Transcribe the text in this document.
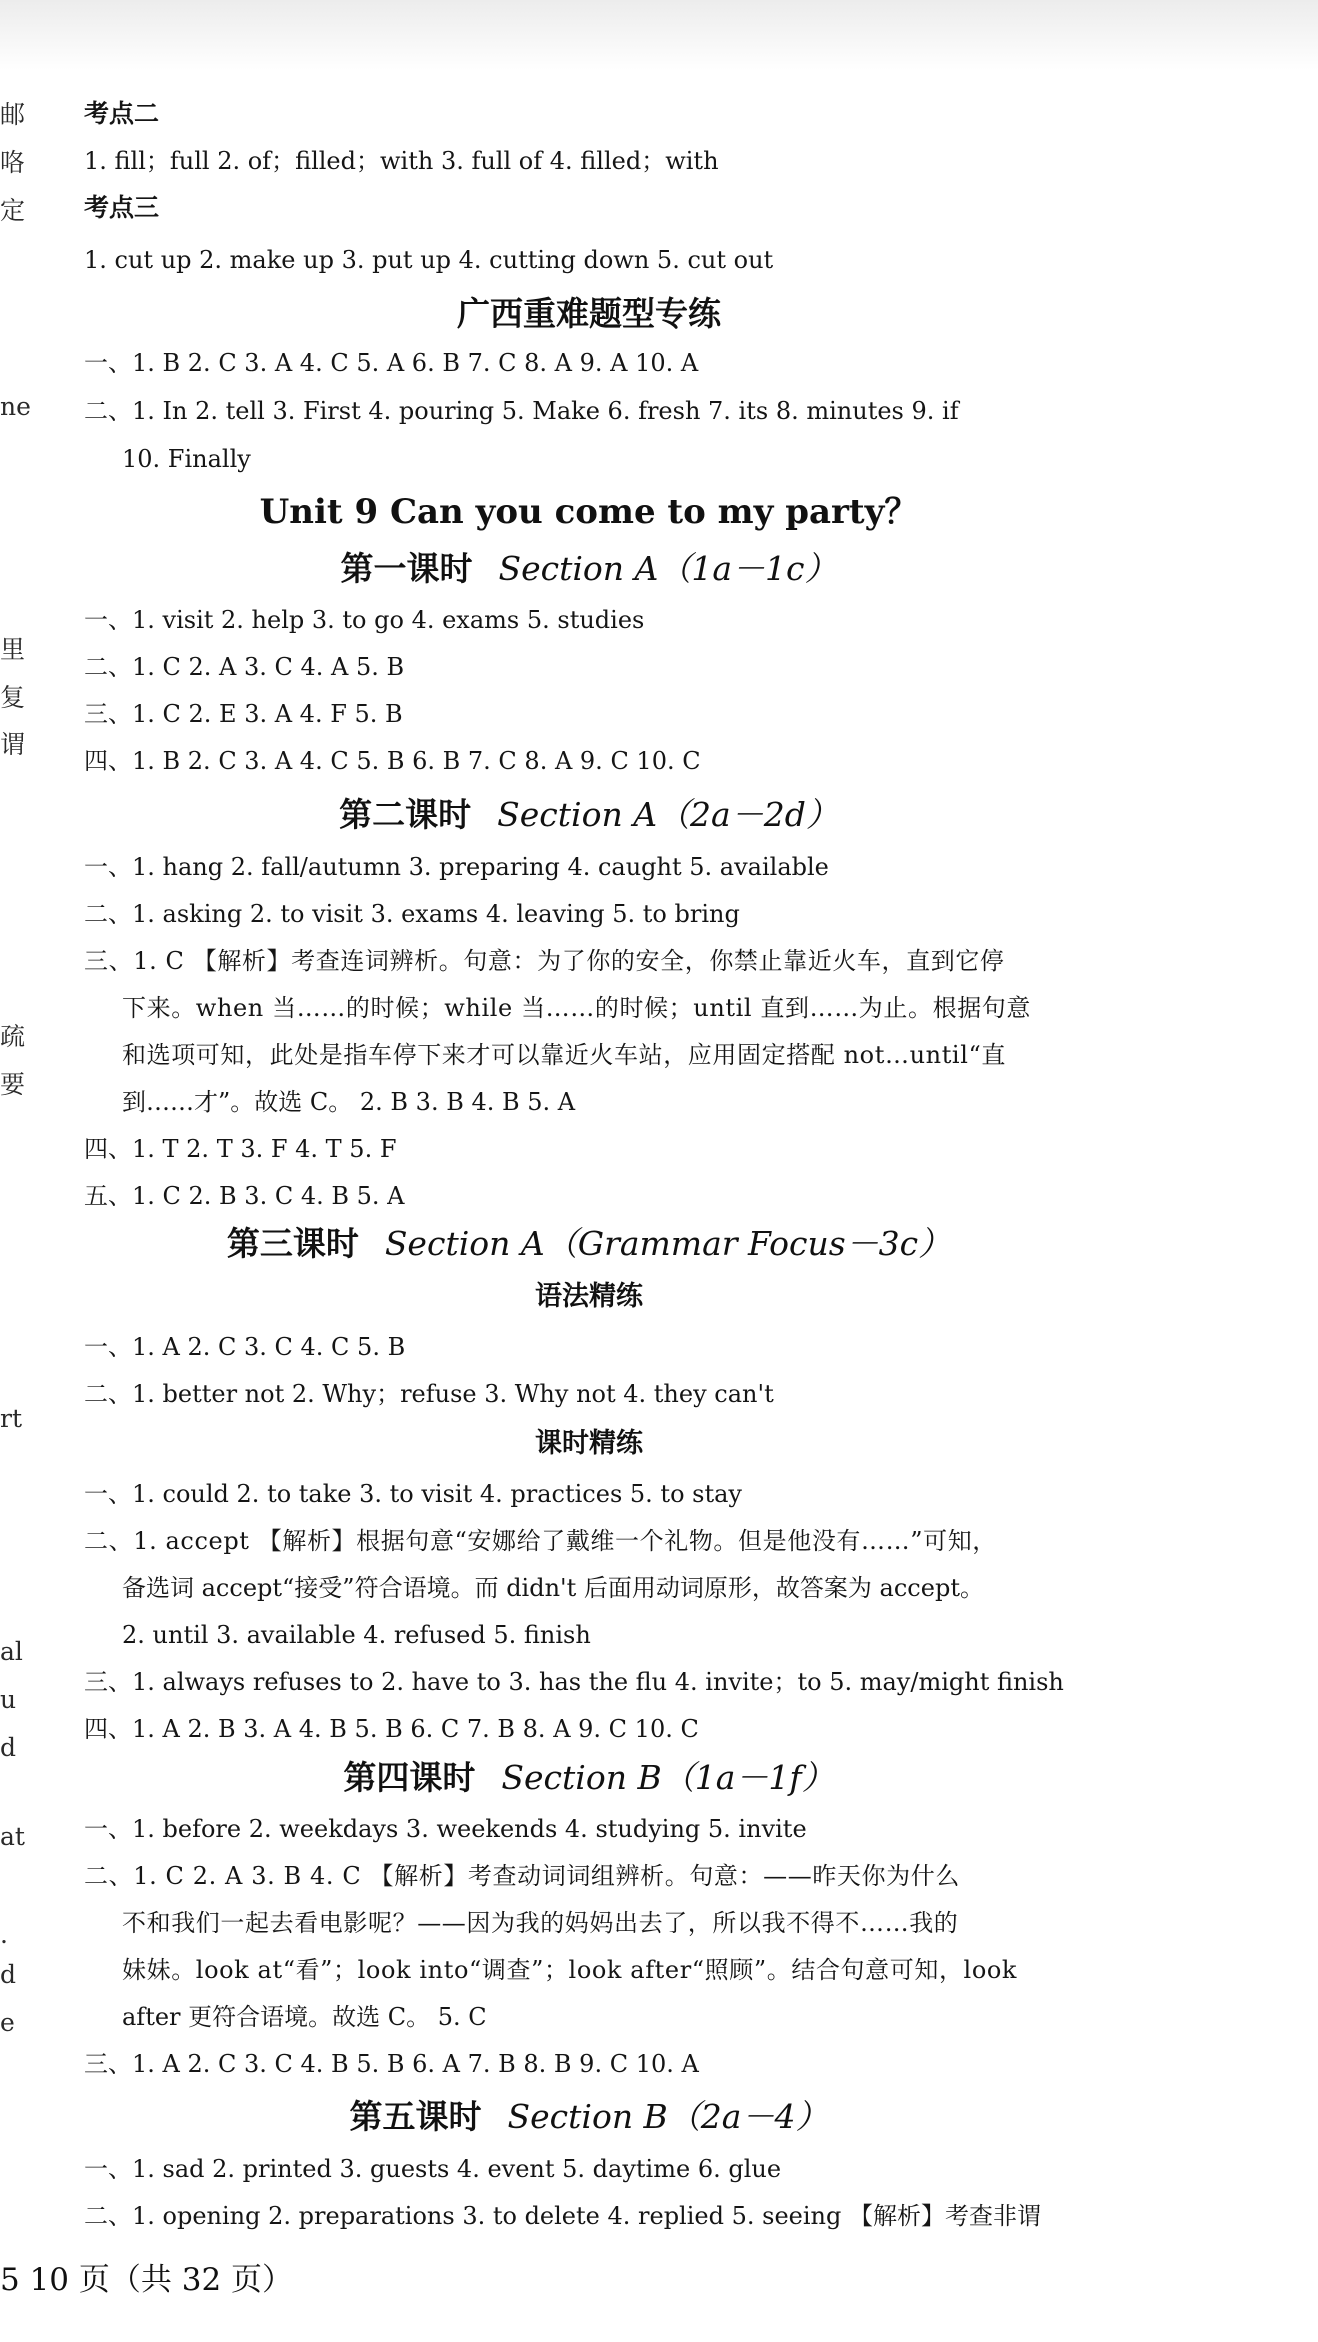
邮
咯
定
ne
里
复
谓
疏
要
rt
al
u
d
at
.
d
e
考点二
1. fill；full 2. of；filled；with 3. full of 4. filled；with
考点三
1. cut up 2. make up 3. put up 4. cutting down 5. cut out
广西重难题型专练
一、1. B 2. C 3. A 4. C 5. A 6. B 7. C 8. A 9. A 10. A
二、1. In 2. tell 3. First 4. pouring 5. Make 6. fresh 7. its 8. minutes 9. if
10. Finally
Unit 9 Can you come to my party？
第一课时 Section A（1a－1c）
一、1. visit 2. help 3. to go 4. exams 5. studies
二、1. C 2. A 3. C 4. A 5. B
三、1. C 2. E 3. A 4. F 5. B
四、1. B 2. C 3. A 4. C 5. B 6. B 7. C 8. A 9. C 10. C
第二课时 Section A（2a－2d）
一、1. hang 2. fall/autumn 3. preparing 4. caught 5. available
二、1. asking 2. to visit 3. exams 4. leaving 5. to bring
三、1. C 【解析】考查连词辨析。句意：为了你的安全，你禁止靠近火车，直到它停
下来。when 当……的时候；while 当……的时候；until 直到……为止。根据句意
和选项可知，此处是指车停下来才可以靠近火车站，应用固定搭配 not…until“直
到……才”。故选 C。 2. B 3. B 4. B 5. A
四、1. T 2. T 3. F 4. T 5. F
五、1. C 2. B 3. C 4. B 5. A
第三课时 Section A（Grammar Focus－3c）
语法精练
一、1. A 2. C 3. C 4. C 5. B
二、1. better not 2. Why；refuse 3. Why not 4. they can't
课时精练
一、1. could 2. to take 3. to visit 4. practices 5. to stay
二、1. accept 【解析】根据句意“安娜给了戴维一个礼物。但是他没有……”可知，
备选词 accept“接受”符合语境。而 didn't 后面用动词原形，故答案为 accept。
2. until 3. available 4. refused 5. finish
三、1. always refuses to 2. have to 3. has the flu 4. invite；to 5. may/might finish
四、1. A 2. B 3. A 4. B 5. B 6. C 7. B 8. A 9. C 10. C
第四课时 Section B（1a－1f）
一、1. before 2. weekdays 3. weekends 4. studying 5. invite
二、1. C 2. A 3. B 4. C 【解析】考查动词词组辨析。句意：——昨天你为什么
不和我们一起去看电影呢？——因为我的妈妈出去了，所以我不得不……我的
妹妹。look at“看”；look into“调查”；look after“照顾”。结合句意可知，look
after 更符合语境。故选 C。 5. C
三、1. A 2. C 3. C 4. B 5. B 6. A 7. B 8. B 9. C 10. A
第五课时 Section B（2a－4）
一、1. sad 2. printed 3. guests 4. event 5. daytime 6. glue
二、1. opening 2. preparations 3. to delete 4. replied 5. seeing 【解析】考查非谓
5 10 页（共 32 页）
